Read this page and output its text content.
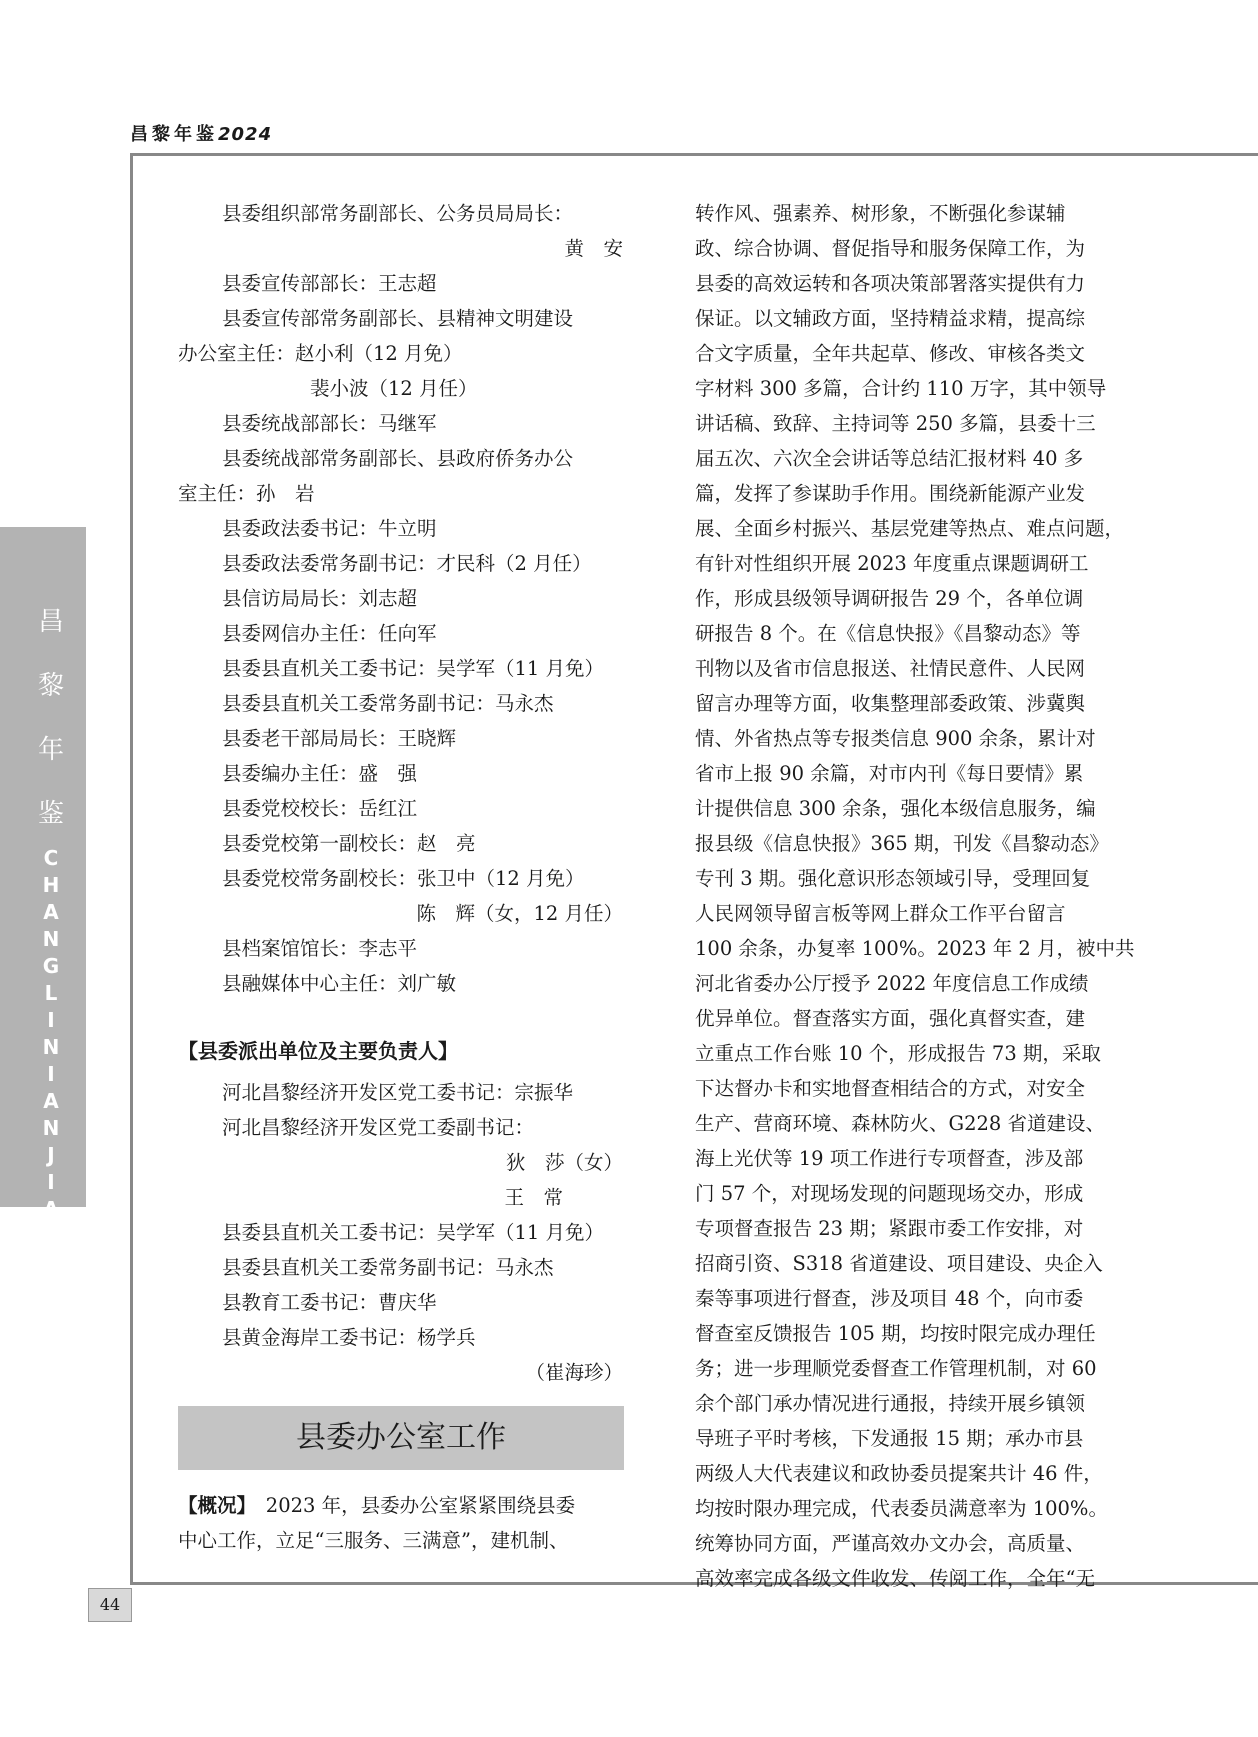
昌黎年鉴2024
昌
黎
年
鉴
C
H
A
N
G
L
I
N
I
A
N
J
I
A
N
44
县委组织部常务副部长、公务员局局长：
黄　安
县委宣传部部长：王志超
县委宣传部常务副部长、县精神文明建设
办公室主任：赵小利（12 月免）
裴小波（12 月任）
县委统战部部长：马继军
县委统战部常务副部长、县政府侨务办公
室主任：孙　岩
县委政法委书记：牛立明
县委政法委常务副书记：才民科（2 月任）
县信访局局长：刘志超
县委网信办主任：任向军
县委县直机关工委书记：吴学军（11 月免）
县委县直机关工委常务副书记：马永杰
县委老干部局局长：王晓辉
县委编办主任：盛　强
县委党校校长：岳红江
县委党校第一副校长：赵　亮
县委党校常务副校长：张卫中（12 月免）
陈　辉（女，12 月任）
县档案馆馆长：李志平
县融媒体中心主任：刘广敏
【县委派出单位及主要负责人】
河北昌黎经济开发区党工委书记：宗振华
河北昌黎经济开发区党工委副书记：
狄　莎（女）
王　常
县委县直机关工委书记：吴学军（11 月免）
县委县直机关工委常务副书记：马永杰
县教育工委书记：曹庆华
县黄金海岸工委书记：杨学兵
（崔海珍）
县委办公室工作
【概况】　 2023 年，县委办公室紧紧围绕县委
中心工作，立足“三服务、三满意”，建机制、
转作风、强素养、树形象，不断强化参谋辅
政、综合协调、督促指导和服务保障工作，为
县委的高效运转和各项决策部署落实提供有力
保证。以文辅政方面，坚持精益求精，提高综
合文字质量，全年共起草、修改、审核各类文
字材料 300 多篇，合计约 110 万字，其中领导
讲话稿、致辞、主持词等 250 多篇，县委十三
届五次、六次全会讲话等总结汇报材料 40 多
篇，发挥了参谋助手作用。围绕新能源产业发
展、全面乡村振兴、基层党建等热点、难点问题，
有针对性组织开展 2023 年度重点课题调研工
作，形成县级领导调研报告 29 个，各单位调
研报告 8 个。在《信息快报》《昌黎动态》等
刊物以及省市信息报送、社情民意件、人民网
留言办理等方面，收集整理部委政策、涉冀舆
情、外省热点等专报类信息 900 余条，累计对
省市上报 90 余篇，对市内刊《每日要情》累
计提供信息 300 余条，强化本级信息服务，编
报县级《信息快报》365 期，刊发《昌黎动态》
专刊 3 期。强化意识形态领域引导，受理回复
人民网领导留言板等网上群众工作平台留言
100 余条，办复率 100%。2023 年 2 月，被中共
河北省委办公厅授予 2022 年度信息工作成绩
优异单位。督查落实方面，强化真督实查，建
立重点工作台账 10 个，形成报告 73 期，采取
下达督办卡和实地督查相结合的方式，对安全
生产、营商环境、森林防火、G228 省道建设、
海上光伏等 19 项工作进行专项督查，涉及部
门 57 个，对现场发现的问题现场交办，形成
专项督查报告 23 期；紧跟市委工作安排，对
招商引资、S318 省道建设、项目建设、央企入
秦等事项进行督查，涉及项目 48 个，向市委
督查室反馈报告 105 期，均按时限完成办理任
务；进一步理顺党委督查工作管理机制，对 60
余个部门承办情况进行通报，持续开展乡镇领
导班子平时考核，下发通报 15 期；承办市县
两级人大代表建议和政协委员提案共计 46 件，
均按时限办理完成，代表委员满意率为 100%。
统筹协同方面，严谨高效办文办会，高质量、
高效率完成各级文件收发、传阅工作，全年“无
